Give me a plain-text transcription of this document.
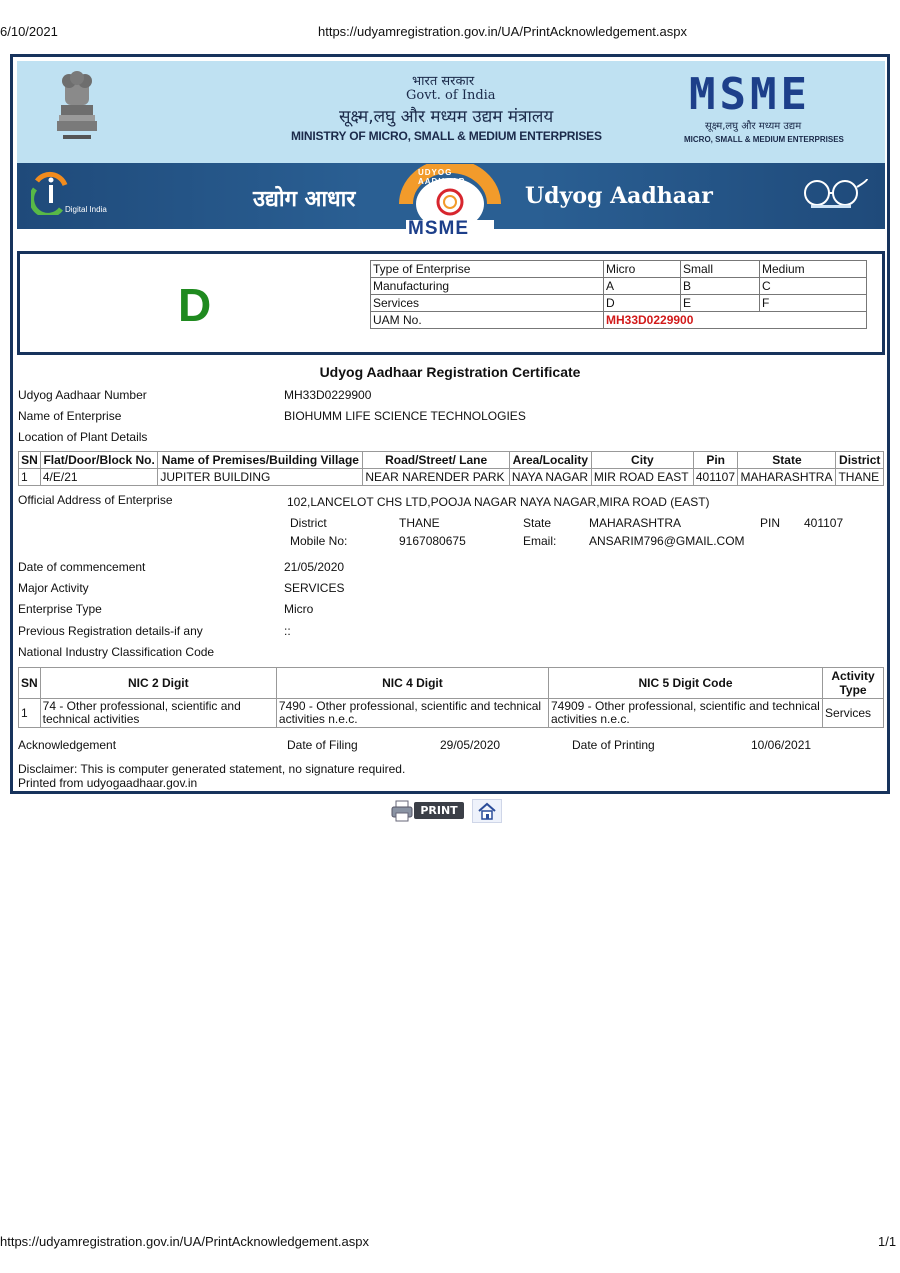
6/10/2021	https://udyamregistration.gov.in/UA/PrintAcknowledgement.aspx
भारत सरकार
Govt. of India
सूक्ष्म,लघु और मध्यम उद्यम मंत्रालय
MINISTRY OF MICRO, SMALL & MEDIUM ENTERPRISES
MSME
सूक्ष्म,लघु और मध्यम उद्यम
MICRO, SMALL & MEDIUM ENTERPRISES
Digital India	उद्योग आधार	Udyog Aadhaar
UDYOG AADHAAR
MSME
D
Type of Enterprise	Micro	Small	Medium
Manufacturing	A	B	C
Services	D	E	F
UAM No.	MH33D0229900		
Udyog Aadhaar Registration Certificate
Udyog Aadhaar Number	MH33D0229900
Name of Enterprise	BIOHUMM LIFE SCIENCE TECHNOLOGIES
Location of Plant Details
SN	Flat/Door/Block No.	Name of Premises/Building Village	Road/Street/ Lane	Area/Locality	City	Pin	State	District
1	4/E/21	JUPITER BUILDING	NEAR NARENDER PARK	NAYA NAGAR	MIR ROAD EAST	401107	MAHARASHTRA	THANE
Official Address of Enterprise	102,LANCELOT CHS LTD,POOJA NAGAR NAYA NAGAR,MIRA ROAD (EAST)
District	THANE	State	MAHARASHTRA	PIN 401107
Mobile No:	9167080675	Email:	ANSARIM796@GMAIL.COM
Date of commencement	21/05/2020
Major Activity	SERVICES
Enterprise Type	Micro
Previous Registration details-if any	::
National Industry Classification Code
SN	NIC 2 Digit	NIC 4 Digit	NIC 5 Digit Code	Activity Type
1	74 - Other professional, scientific and technical activities	7490 - Other professional, scientific and technical activities n.e.c.	74909 - Other professional, scientific and technical activities n.e.c.	Services
Acknowledgement	Date of Filing	29/05/2020	Date of Printing	10/06/2021
Disclaimer: This is computer generated statement, no signature required.
Printed from udyogaadhaar.gov.in
PRINT
https://udyamregistration.gov.in/UA/PrintAcknowledgement.aspx	1/1
